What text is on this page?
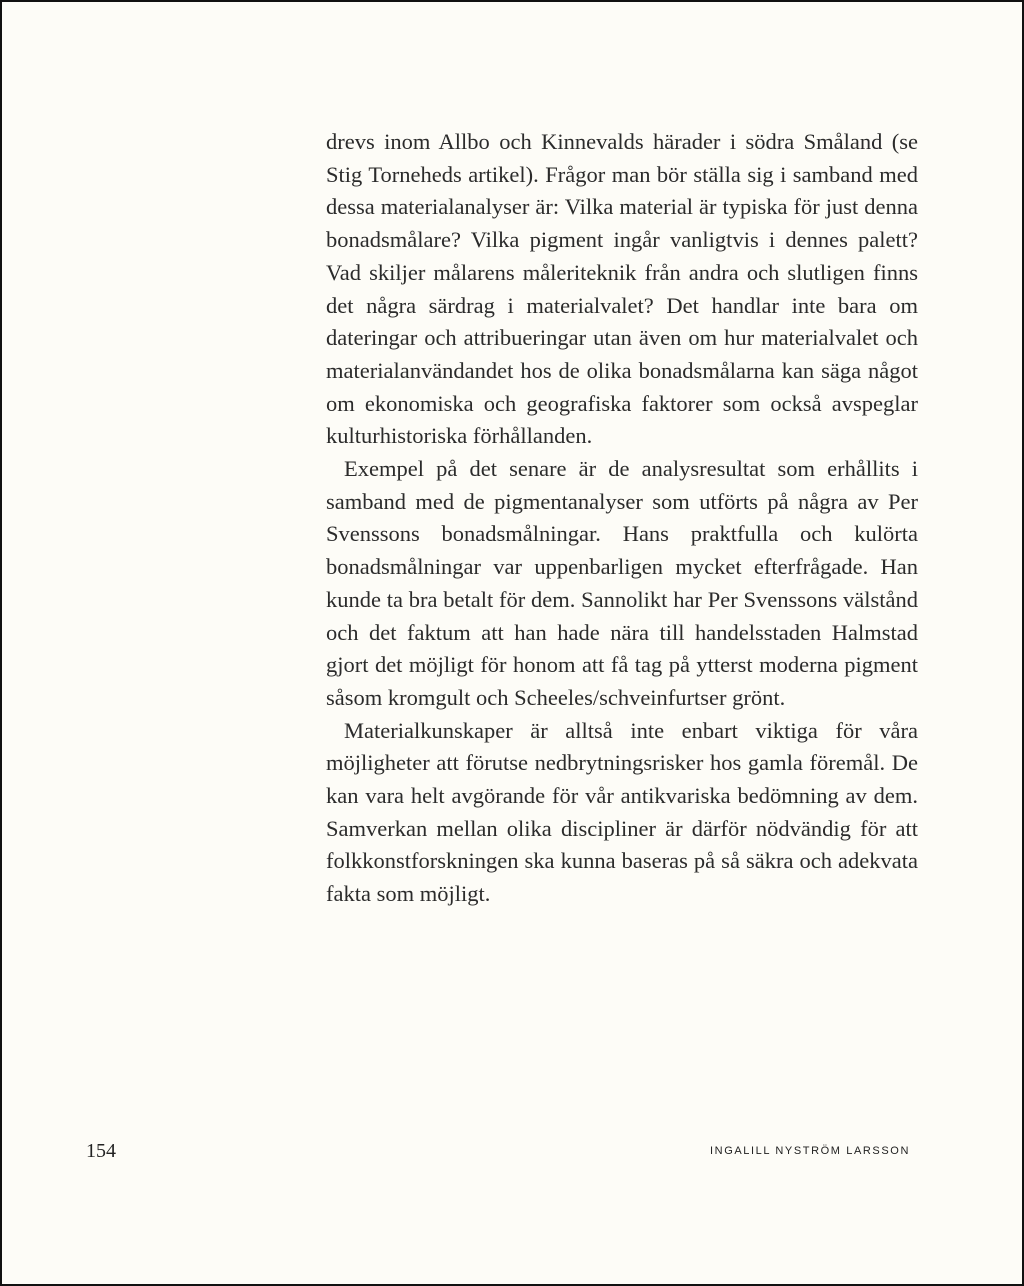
drevs inom Allbo och Kinnevalds härader i södra Småland (se Stig Torneheds artikel). Frågor man bör ställa sig i samband med dessa materialanalyser är: Vilka material är typiska för just denna bonadsmålare? Vilka pigment ingår vanligtvis i dennes palett? Vad skiljer målarens måleriteknik från andra och slutligen finns det några särdrag i materialvalet? Det handlar inte bara om dateringar och attribueringar utan även om hur materialvalet och materialanvändandet hos de olika bonadsmålarna kan säga något om ekonomiska och geografiska faktorer som också avspeglar kulturhistoriska förhållanden.

Exempel på det senare är de analysresultat som erhållits i samband med de pigmentanalyser som utförts på några av Per Svenssons bonadsmålningar. Hans praktfulla och kulörta bonadsmålningar var uppenbarligen mycket efterfrågade. Han kunde ta bra betalt för dem. Sannolikt har Per Svenssons välstånd och det faktum att han hade nära till handelsstaden Halmstad gjort det möjligt för honom att få tag på ytterst moderna pigment såsom kromgult och Scheeles/schveinfurtser grönt.

Materialkunskaper är alltså inte enbart viktiga för våra möjligheter att förutse nedbrytningsrisker hos gamla föremål. De kan vara helt avgörande för vår antikvariska bedömning av dem. Samverkan mellan olika discipliner är därför nödvändig för att folkkonstforskningen ska kunna baseras på så säkra och adekvata fakta som möjligt.

154	INGALILL NYSTRÖM LARSSON
